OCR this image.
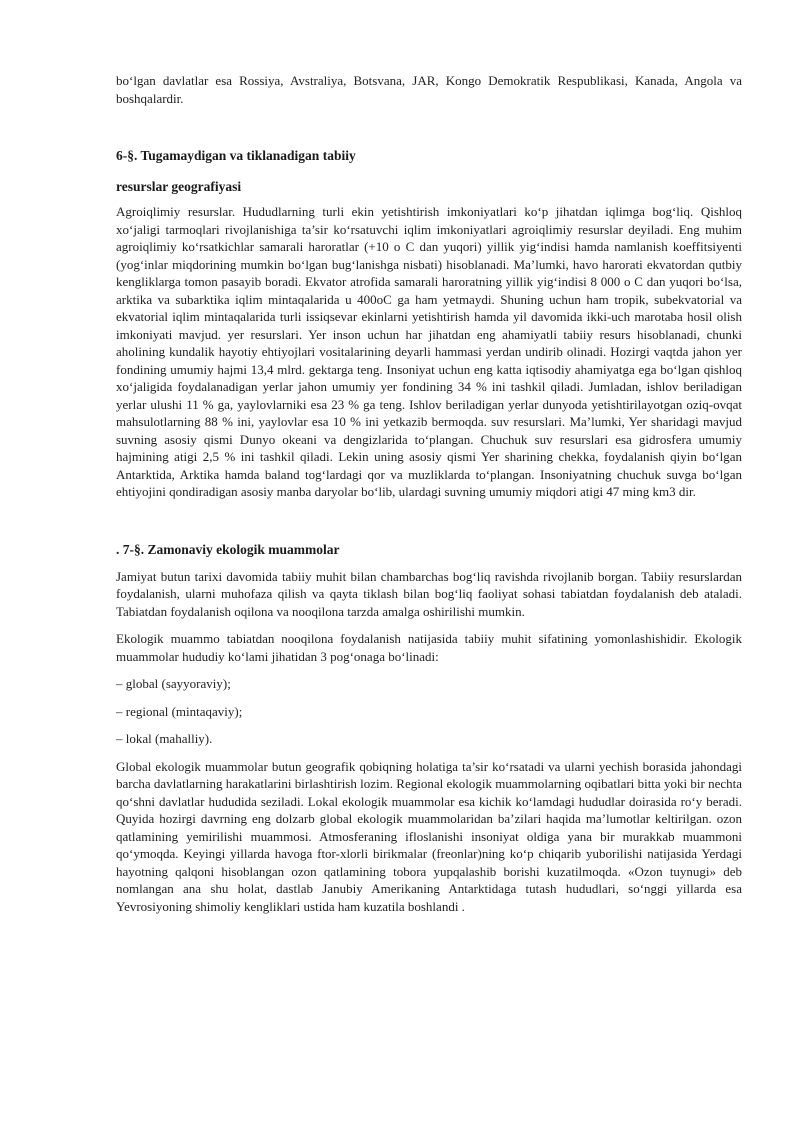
bo‘lgan davlatlar esa Rossiya, Avstraliya, Botsvana, JAR, Kongo Demokratik Respublikasi, Kanada, Angola va boshqalardir.

6-§. Tugamaydigan va tiklanadigan tabiiy
resurslar geografiyasi

Agroiqlimiy resurslar. Hududlarning turli ekin yetishtirish imkoniyatlari ko‘p jihatdan iqlimga bog‘liq. Qishloq xo‘jaligi tarmoqlari rivojlanishiga ta’sir ko‘rsatuvchi iqlim imkoniyatlari agroiqlimiy resurslar deyiladi. Eng muhim agroiqlimiy ko‘rsatkichlar samarali haroratlar (+10 o C dan yuqori) yillik yig‘indisi hamda namlanish koeffitsiyenti (yog‘inlar miqdorining mumkin bo‘lgan bug‘lanishga nisbati) hisoblanadi. Ma’lumki, havo harorati ekvatordan qutbiy kengliklarga tomon pasayib boradi. Ekvator atrofida samarali haroratning yillik yig‘indisi 8 000 o C dan yuqori bo‘lsa, arktika va subarktika iqlim mintaqalarida u 400oC ga ham yetmaydi. Shuning uchun ham tropik, subekvatorial va ekvatorial iqlim mintaqalarida turli issiqsevar ekinlarni yetishtirish hamda yil davomida ikki-uch marotaba hosil olish imkoniyati mavjud. yer resurslari. Yer inson uchun har jihatdan eng ahamiyatli tabiiy resurs hisoblanadi, chunki aholining kundalik hayotiy ehtiyojlari vositalarining deyarli hammasi yerdan undirib olinadi. Hozirgi vaqtda jahon yer fondining umumiy hajmi 13,4 mlrd. gektarga teng. Insoniyat uchun eng katta iqtisodiy ahamiyatga ega bo‘lgan qishloq xo‘jaligida foydalanadigan yerlar jahon umumiy yer fondining 34 % ini tashkil qiladi. Jumladan, ishlov beriladigan yerlar ulushi 11 % ga, yaylovlarniki esa 23 % ga teng. Ishlov beriladigan yerlar dunyoda yetishtirilayotgan oziq-ovqat mahsulotlarning 88 % ini, yaylovlar esa 10 % ini yetkazib bermoqda. suv resurslari. Ma’lumki, Yer sharidagi mavjud suvning asosiy qismi Dunyo okeani va dengizlarida to‘plangan. Chuchuk suv resurslari esa gidrosfera umumiy hajmining atigi 2,5 % ini tashkil qiladi. Lekin uning asosiy qismi Yer sharining chekka, foydalanish qiyin bo‘lgan Antarktida, Arktika hamda baland tog‘lardagi qor va muzliklarda to‘plangan. Insoniyatning chuchuk suvga bo‘lgan ehtiyojini qondiradigan asosiy manba daryolar bo‘lib, ulardagi suvning umumiy miqdori atigi 47 ming km3 dir.

. 7-§. Zamonaviy ekologik muammolar

Jamiyat butun tarixi davomida tabiiy muhit bilan chambarchas bog‘liq ravishda rivojlanib borgan. Tabiiy resurslardan foydalanish, ularni muhofaza qilish va qayta tiklash bilan bog‘liq faoliyat sohasi tabiatdan foydalanish deb ataladi. Tabiatdan foydalanish oqilona va nooqilona tarzda amalga oshirilishi mumkin.

Ekologik muammo tabiatdan nooqilona foydalanish natijasida tabiiy muhit sifatining yomonlashishidir. Ekologik muammolar hududiy ko‘lami jihatidan 3 pog‘onaga bo‘linadi:

– global (sayyoraviy);

– regional (mintaqaviy);

– lokal (mahalliy).

Global ekologik muammolar butun geografik qobiqning holatiga ta’sir ko‘rsatadi va ularni yechish borasida jahondagi barcha davlatlarning harakatlarini birlashtirish lozim. Regional ekologik muammolarning oqibatlari bitta yoki bir nechta qo‘shni davlatlar hududida seziladi. Lokal ekologik muammolar esa kichik ko‘lamdagi hududlar doirasida ro‘y beradi. Quyida hozirgi davrning eng dolzarb global ekologik muammolaridan ba’zilari haqida ma’lumotlar keltirilgan. ozon qatlamining yemirilishi muammosi. Atmosferaning ifloslanishi insoniyat oldiga yana bir murakkab muammoni qo‘ymoqda. Keyingi yillarda havoga ftor-xlorli birikmalar (freonlar)ning ko‘p chiqarib yuborilishi natijasida Yerdagi hayotning qalqoni hisoblangan ozon qatlamining tobora yupqalashib borishi kuzatilmoqda. «Ozon tuynugi» deb nomlangan ana shu holat, dastlab Janubiy Amerikaning Antarktidaga tutash hududlari, so‘nggi yillarda esa Yevrosiyoning shimoliy kengliklari ustida ham kuzatila boshlandi .
